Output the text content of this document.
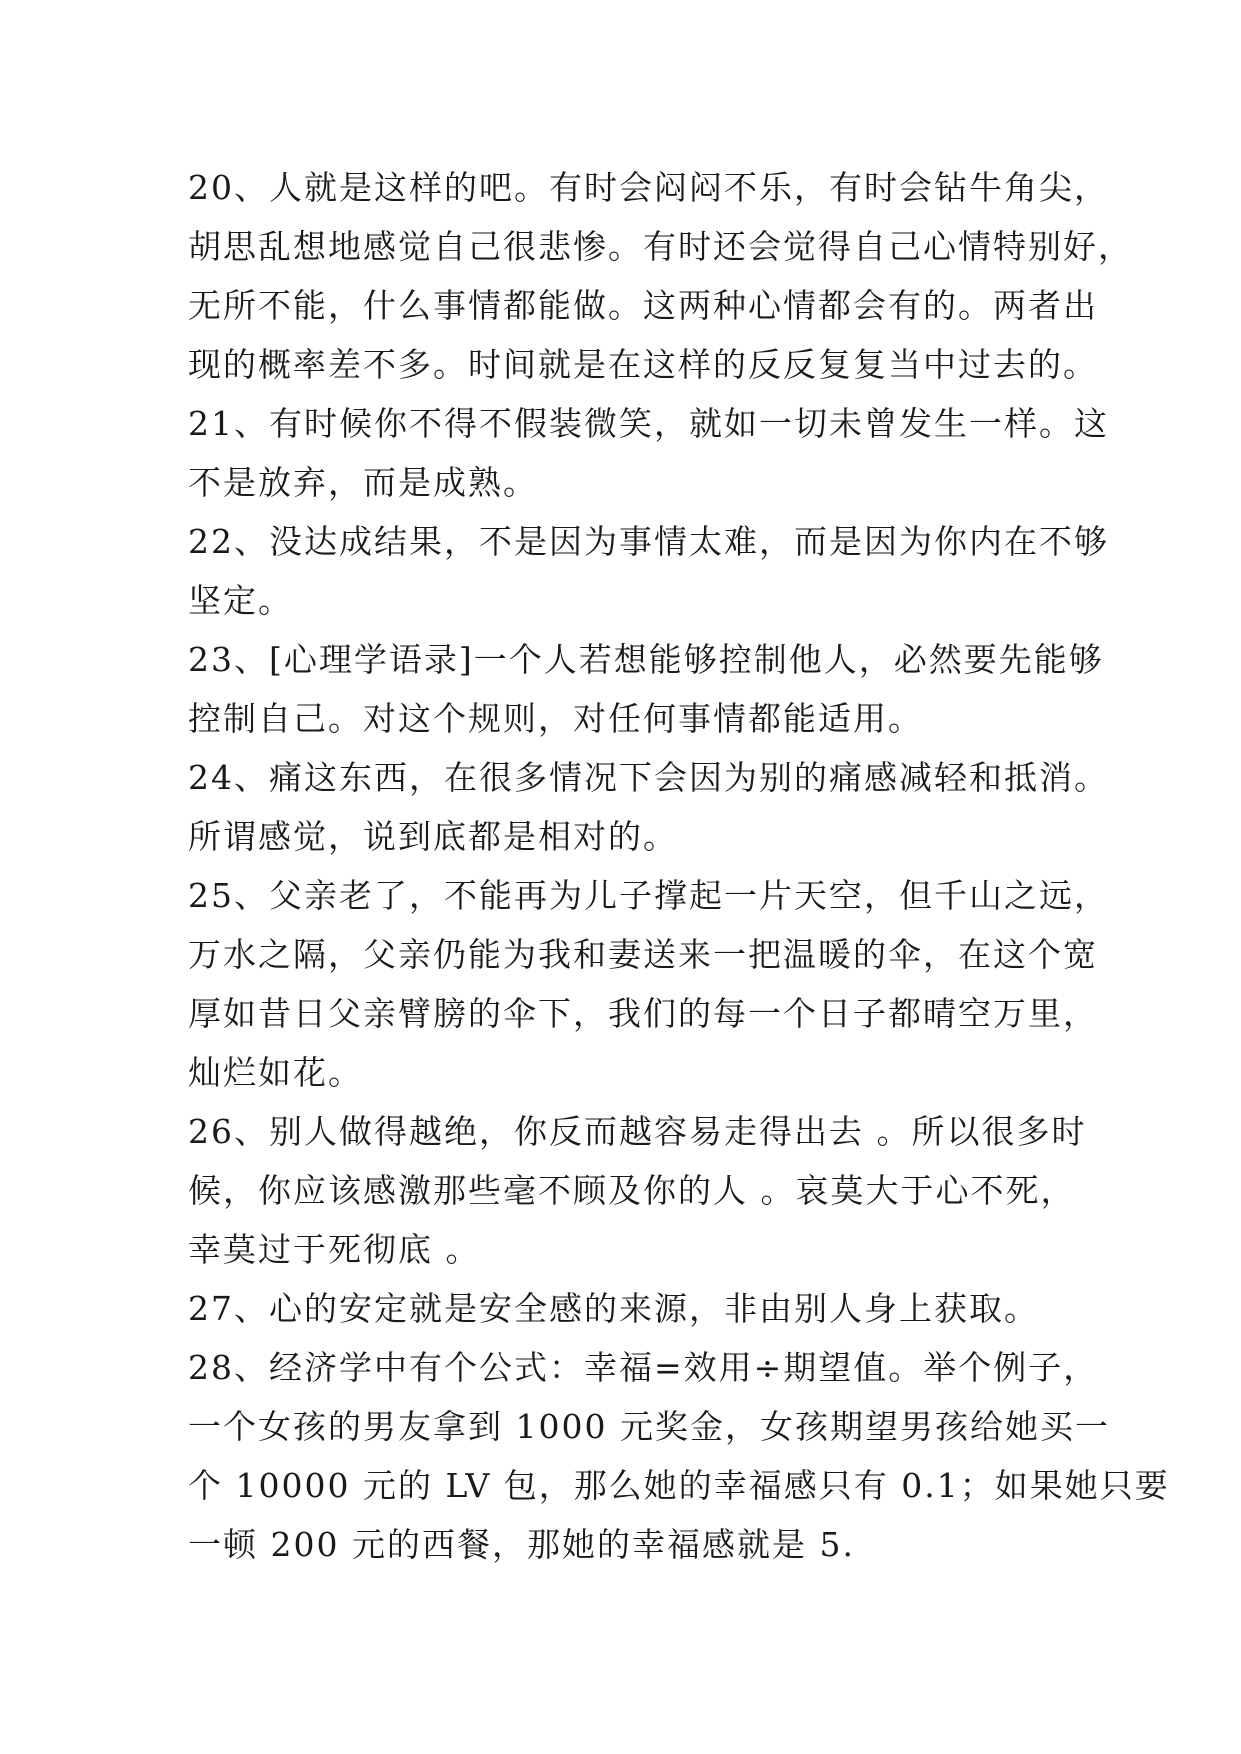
20、人就是这样的吧。有时会闷闷不乐，有时会钻牛角尖，
胡思乱想地感觉自己很悲惨。有时还会觉得自己心情特别好，
无所不能，什么事情都能做。这两种心情都会有的。两者出
现的概率差不多。时间就是在这样的反反复复当中过去的。
21、有时候你不得不假装微笑，就如一切未曾发生一样。这
不是放弃，而是成熟。
22、没达成结果，不是因为事情太难，而是因为你内在不够
坚定。
23、[心理学语录]一个人若想能够控制他人，必然要先能够
控制自己。对这个规则，对任何事情都能适用。
24、痛这东西，在很多情况下会因为别的痛感减轻和抵消。
所谓感觉，说到底都是相对的。
25、父亲老了，不能再为儿子撑起一片天空，但千山之远，
万水之隔，父亲仍能为我和妻送来一把温暖的伞，在这个宽
厚如昔日父亲臂膀的伞下，我们的每一个日子都晴空万里，
灿烂如花。
26、别人做得越绝，你反而越容易走得出去 。所以很多时
候，你应该感激那些毫不顾及你的人 。哀莫大于心不死，
幸莫过于死彻底 。
27、心的安定就是安全感的来源，非由别人身上获取。
28、经济学中有个公式：幸福=效用÷期望值。举个例子，
一个女孩的男友拿到 1000 元奖金，女孩期望男孩给她买一
个 10000 元的 LV 包，那么她的幸福感只有 0.1；如果她只要
一顿 200 元的西餐，那她的幸福感就是 5.
